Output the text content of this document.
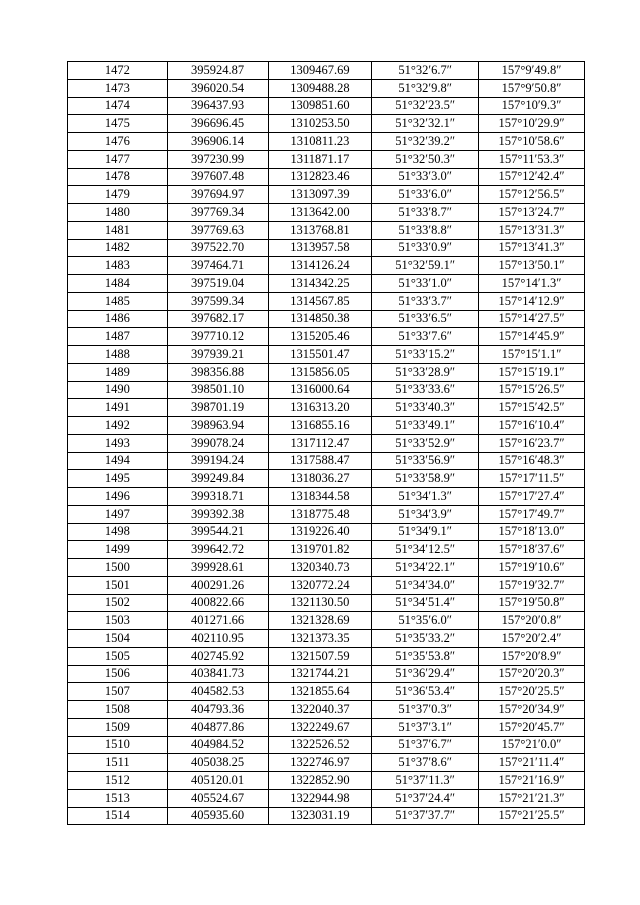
1472	395924.87	1309467.69	51°32′6.7″	157°9′49.8″
1473	396020.54	1309488.28	51°32′9.8″	157°9′50.8″
1474	396437.93	1309851.60	51°32′23.5″	157°10′9.3″
1475	396696.45	1310253.50	51°32′32.1″	157°10′29.9″
1476	396906.14	1310811.23	51°32′39.2″	157°10′58.6″
1477	397230.99	1311871.17	51°32′50.3″	157°11′53.3″
1478	397607.48	1312823.46	51°33′3.0″	157°12′42.4″
1479	397694.97	1313097.39	51°33′6.0″	157°12′56.5″
1480	397769.34	1313642.00	51°33′8.7″	157°13′24.7″
1481	397769.63	1313768.81	51°33′8.8″	157°13′31.3″
1482	397522.70	1313957.58	51°33′0.9″	157°13′41.3″
1483	397464.71	1314126.24	51°32′59.1″	157°13′50.1″
1484	397519.04	1314342.25	51°33′1.0″	157°14′1.3″
1485	397599.34	1314567.85	51°33′3.7″	157°14′12.9″
1486	397682.17	1314850.38	51°33′6.5″	157°14′27.5″
1487	397710.12	1315205.46	51°33′7.6″	157°14′45.9″
1488	397939.21	1315501.47	51°33′15.2″	157°15′1.1″
1489	398356.88	1315856.05	51°33′28.9″	157°15′19.1″
1490	398501.10	1316000.64	51°33′33.6″	157°15′26.5″
1491	398701.19	1316313.20	51°33′40.3″	157°15′42.5″
1492	398963.94	1316855.16	51°33′49.1″	157°16′10.4″
1493	399078.24	1317112.47	51°33′52.9″	157°16′23.7″
1494	399194.24	1317588.47	51°33′56.9″	157°16′48.3″
1495	399249.84	1318036.27	51°33′58.9″	157°17′11.5″
1496	399318.71	1318344.58	51°34′1.3″	157°17′27.4″
1497	399392.38	1318775.48	51°34′3.9″	157°17′49.7″
1498	399544.21	1319226.40	51°34′9.1″	157°18′13.0″
1499	399642.72	1319701.82	51°34′12.5″	157°18′37.6″
1500	399928.61	1320340.73	51°34′22.1″	157°19′10.6″
1501	400291.26	1320772.24	51°34′34.0″	157°19′32.7″
1502	400822.66	1321130.50	51°34′51.4″	157°19′50.8″
1503	401271.66	1321328.69	51°35′6.0″	157°20′0.8″
1504	402110.95	1321373.35	51°35′33.2″	157°20′2.4″
1505	402745.92	1321507.59	51°35′53.8″	157°20′8.9″
1506	403841.73	1321744.21	51°36′29.4″	157°20′20.3″
1507	404582.53	1321855.64	51°36′53.4″	157°20′25.5″
1508	404793.36	1322040.37	51°37′0.3″	157°20′34.9″
1509	404877.86	1322249.67	51°37′3.1″	157°20′45.7″
1510	404984.52	1322526.52	51°37′6.7″	157°21′0.0″
1511	405038.25	1322746.97	51°37′8.6″	157°21′11.4″
1512	405120.01	1322852.90	51°37′11.3″	157°21′16.9″
1513	405524.67	1322944.98	51°37′24.4″	157°21′21.3″
1514	405935.60	1323031.19	51°37′37.7″	157°21′25.5″
